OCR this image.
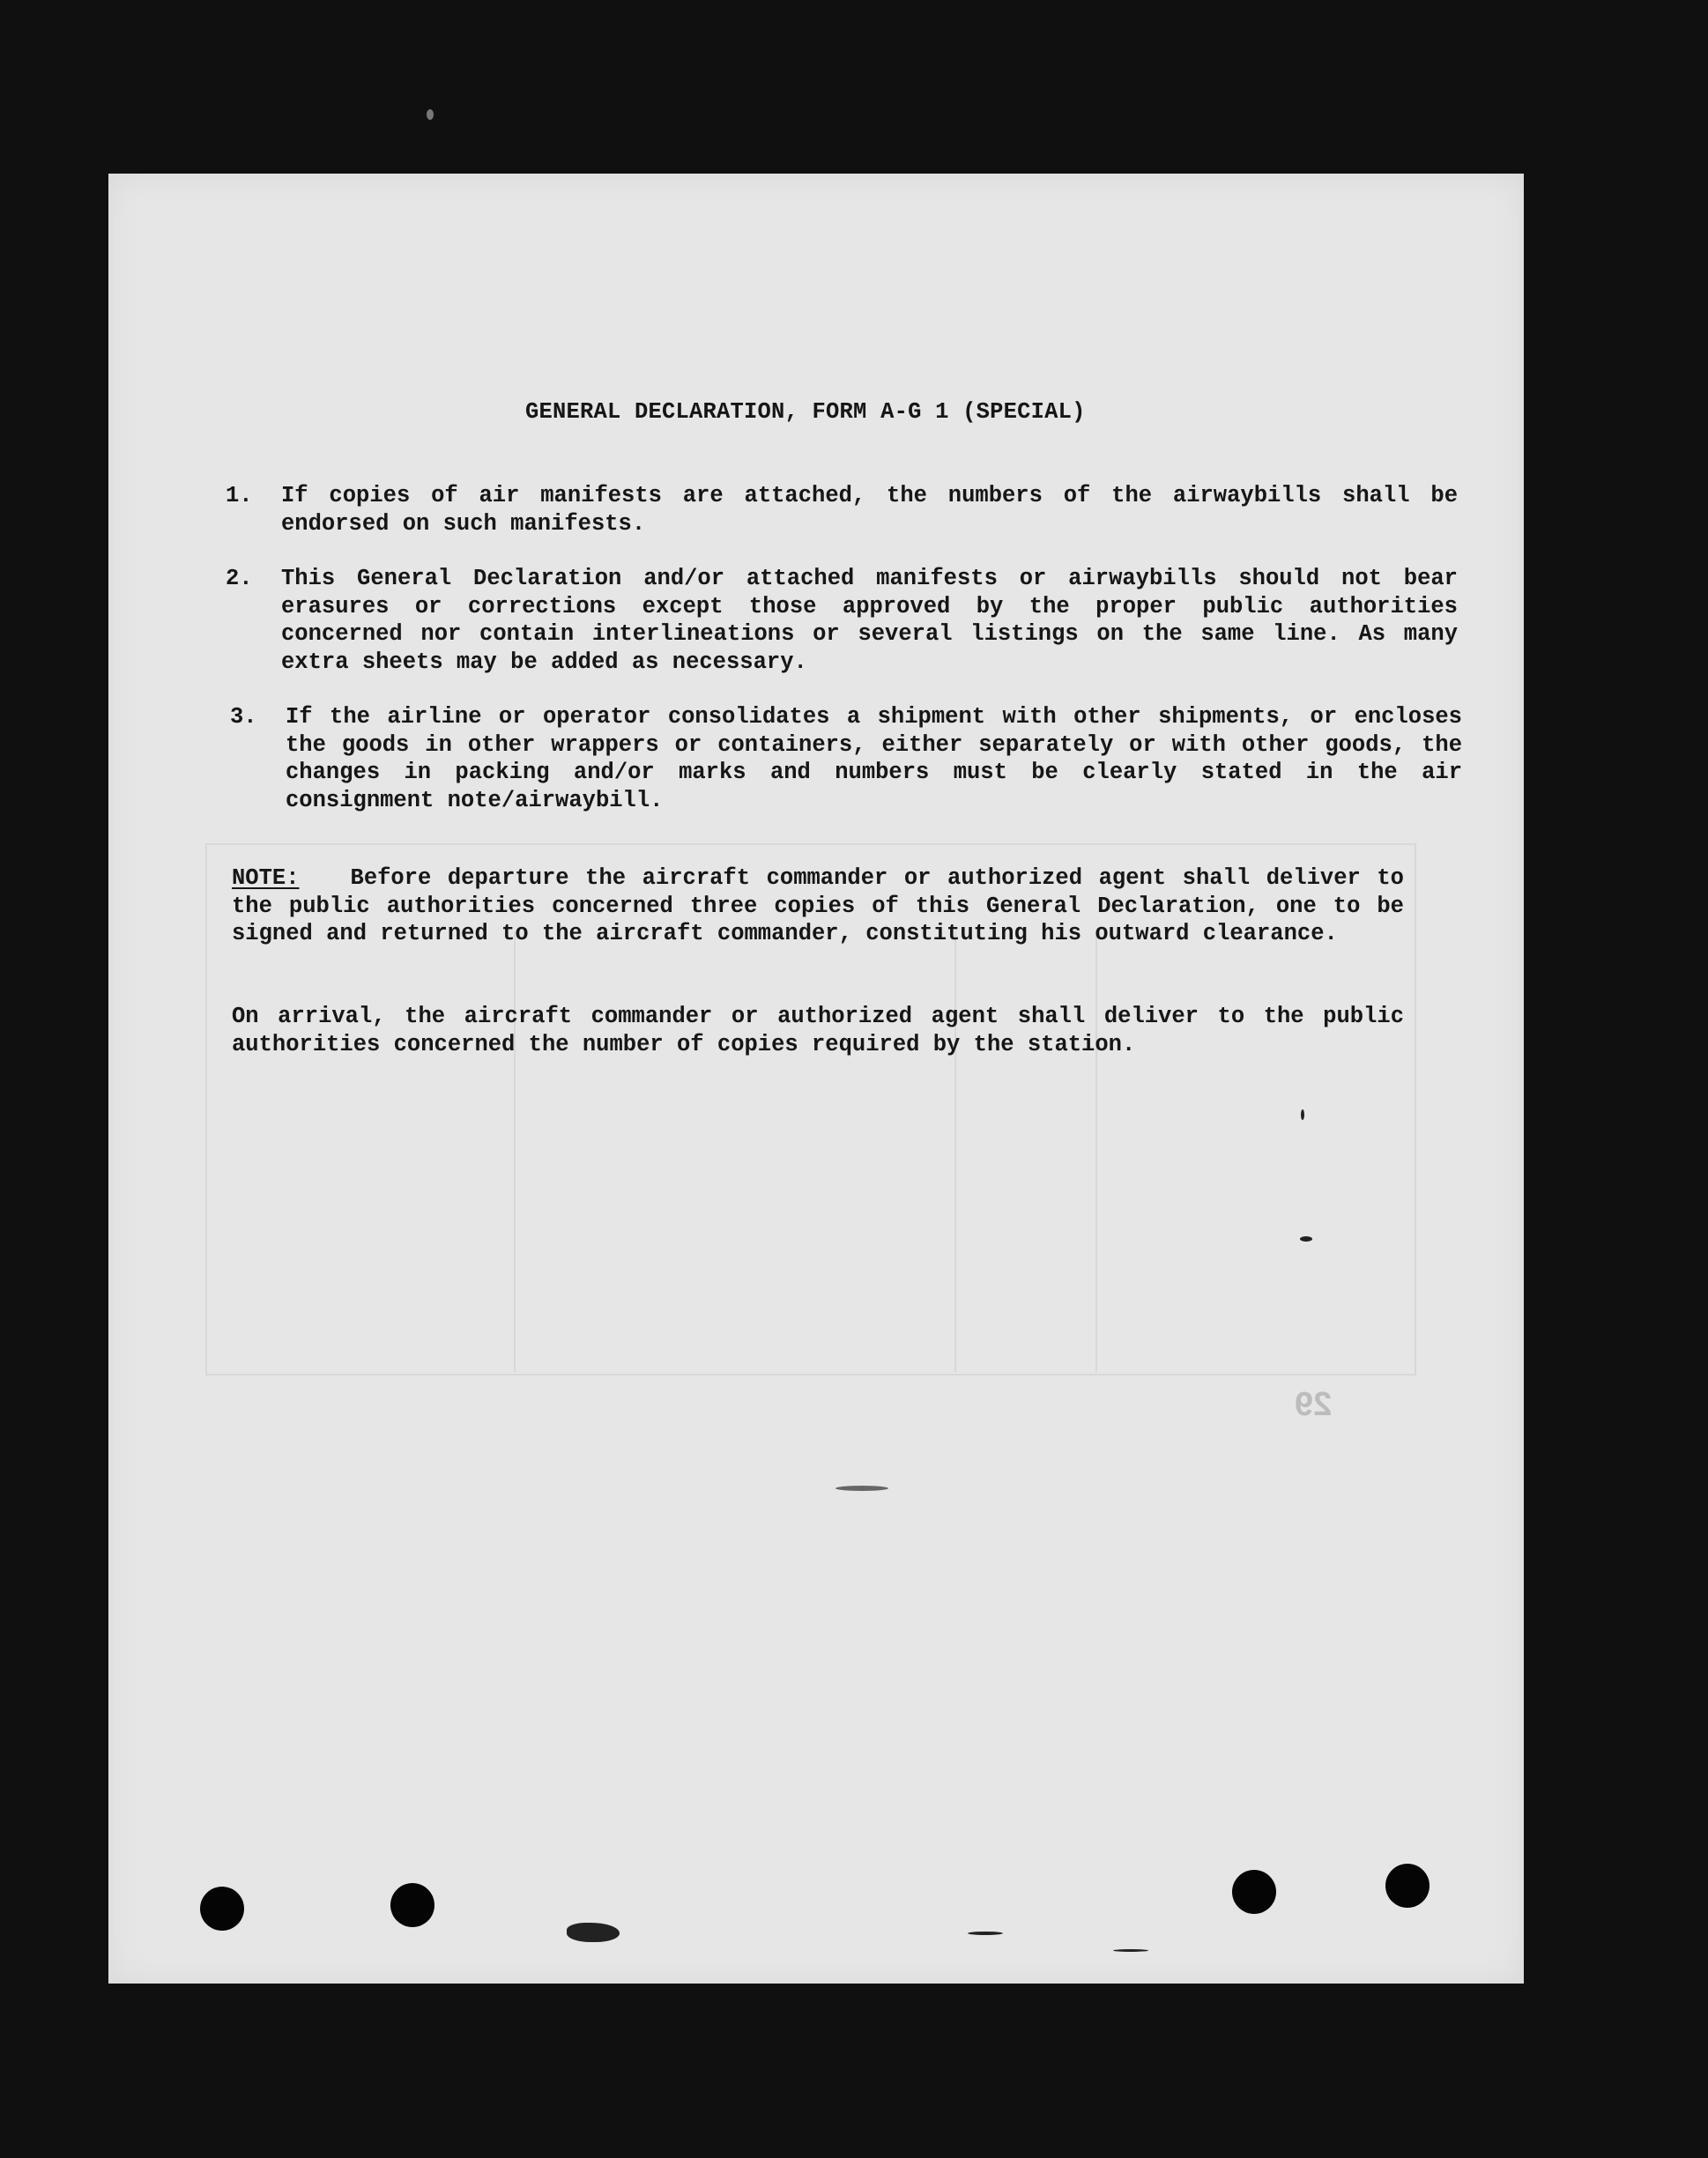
GENERAL DECLARATION, FORM A-G 1 (SPECIAL)
1.	If copies of air manifests are attached, the numbers of the airwaybills shall be endorsed on such manifests.
2.	This General Declaration and/or attached manifests or airwaybills should not bear erasures or corrections except those approved by the proper public authorities concerned nor contain interlineations or several listings on the same line. As many extra sheets may be added as necessary.
3.	If the airline or operator consolidates a shipment with other shipments, or encloses the goods in other wrappers or containers, either separately or with other goods, the changes in packing and/or marks and numbers must be clearly stated in the air consignment note/airwaybill.
NOTE: Before departure the aircraft commander or authorized agent shall deliver to the public authorities concerned three copies of this General Declaration, one to be signed and returned to the aircraft commander, constituting his outward clearance.
On arrival, the aircraft commander or authorized agent shall deliver to the public authorities concerned the number of copies required by the station.
29
